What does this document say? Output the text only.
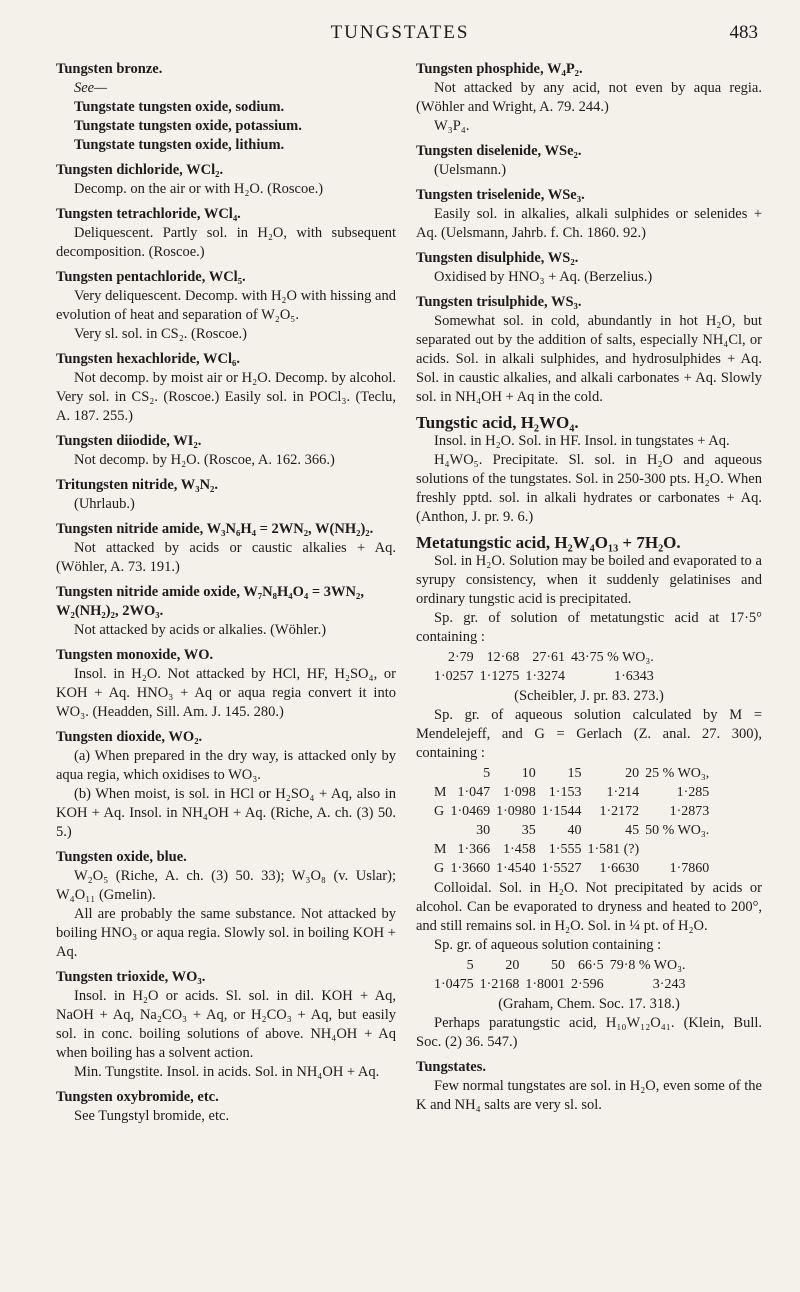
TUNGSTATES	483
Tungsten bronze.
See—
Tungstate tungsten oxide, sodium.
Tungstate tungsten oxide, potassium.
Tungstate tungsten oxide, lithium.
Tungsten dichloride, WCl₂.
Decomp. on the air or with H₂O. (Roscoe.)
Tungsten tetrachloride, WCl₄.
Deliquescent. Partly sol. in H₂O, with subsequent decomposition. (Roscoe.)
Tungsten pentachloride, WCl₅.
Very deliquescent. Decomp. with H₂O with hissing and evolution of heat and separation of W₂O₅.
Very sl. sol. in CS₂. (Roscoe.)
Tungsten hexachloride, WCl₆.
Not decomp. by moist air or H₂O. Decomp. by alcohol. Very sol. in CS₂. (Roscoe.) Easily sol. in POCl₃. (Teclu, A. 187. 255.)
Tungsten diiodide, WI₂.
Not decomp. by H₂O. (Roscoe, A. 162. 366.)
Tritungsten nitride, W₃N₂.
(Uhrlaub.)
Tungsten nitride amide, W₃N₆H₄ = 2WN₂, W(NH₂)₂.
Not attacked by acids or caustic alkalies + Aq. (Wöhler, A. 73. 191.)
Tungsten nitride amide oxide, W₇N₈H₄O₄ = 3WN₂, W₂(NH₂)₂, 2WO₃.
Not attacked by acids or alkalies. (Wöhler.)
Tungsten monoxide, WO.
Insol. in H₂O. Not attacked by HCl, HF, H₂SO₄, or KOH + Aq. HNO₃ + Aq or aqua regia convert it into WO₃. (Headden, Sill. Am. J. 145. 280.)
Tungsten dioxide, WO₂.
(a) When prepared in the dry way, is attacked only by aqua regia, which oxidises to WO₃.
(b) When moist, is sol. in HCl or H₂SO₄ + Aq, also in KOH + Aq. Insol. in NH₄OH + Aq. (Riche, A. ch. (3) 50. 5.)
Tungsten oxide, blue.
W₂O₅ (Riche, A. ch. (3) 50. 33); W₃O₈ (v. Uslar); W₄O₁₁ (Gmelin).
All are probably the same substance. Not attacked by boiling HNO₃ or aqua regia. Slowly sol. in boiling KOH + Aq.
Tungsten trioxide, WO₃.
Insol. in H₂O or acids. Sl. sol. in dil. KOH + Aq, NaOH + Aq, Na₂CO₃ + Aq, or H₂CO₃ + Aq, but easily sol. in conc. boiling solutions of above. NH₄OH + Aq when boiling has a solvent action.
Min. Tungstite. Insol. in acids. Sol. in NH₄OH + Aq.
Tungsten oxybromide, etc.
See Tungstyl bromide, etc.
Tungsten phosphide, W₄P₂.
Not attacked by any acid, not even by aqua regia. (Wöhler and Wright, A. 79. 244.)
W₃P₄.
Tungsten diselenide, WSe₂.
(Uelsmann.)
Tungsten triselenide, WSe₃.
Easily sol. in alkalies, alkali sulphides or selenides + Aq. (Uelsmann, Jahrb. f. Ch. 1860. 92.)
Tungsten disulphide, WS₂.
Oxidised by HNO₃ + Aq. (Berzelius.)
Tungsten trisulphide, WS₃.
Somewhat sol. in cold, abundantly in hot H₂O, but separated out by the addition of salts, especially NH₄Cl, or acids. Sol. in alkali sulphides, and hydrosulphides + Aq. Sol. in caustic alkalies, and alkali carbonates + Aq. Slowly sol. in NH₄OH + Aq in the cold.
Tungstic acid, H₂WO₄.
Insol. in H₂O. Sol. in HF. Insol. in tungstates + Aq.
H₄WO₅. Precipitate. Sl. sol. in H₂O and aqueous solutions of the tungstates. Sol. in 250-300 pts. H₂O. When freshly pptd. sol. in alkali hydrates or carbonates + Aq. (Anthon, J. pr. 9. 6.)
Metatungstic acid, H₂W₄O₁₃ + 7H₂O.
Sol. in H₂O. Solution may be boiled and evaporated to a syrupy consistency, when it suddenly gelatinises and ordinary tungstic acid is precipitated.
Sp. gr. of solution of metatungstic acid at 17·5° containing :
2·79	12·68	27·61	43·75 % WO₃.
1·0257	1·1275	1·3274	1·6343
(Scheibler, J. pr. 83. 273.)
Sp. gr. of aqueous solution calculated by M = Mendelejeff, and G = Gerlach (Z. anal. 27. 300), containing :
	5	10	15	20	25 % WO₃,
M	1·047	1·098	1·153	1·214	1·285
G	1·0469	1·0980	1·1544	1·2172	1·2873
	30	35	40	45	50 % WO₃.
M	1·366	1·458	1·555	1·581 (?)	
G	1·3660	1·4540	1·5527	1·6630	1·7860
Colloidal. Sol. in H₂O. Not precipitated by acids or alcohol. Can be evaporated to dryness and heated to 200°, and still remains sol. in H₂O. Sol. in ¼ pt. of H₂O.
Sp. gr. of aqueous solution containing :
5	20	50	66·5	79·8 % WO₃.
1·0475	1·2168	1·8001	2·596	3·243
(Graham, Chem. Soc. 17. 318.)
Perhaps paratungstic acid, H₁₀W₁₂O₄₁. (Klein, Bull. Soc. (2) 36. 547.)
Tungstates.
Few normal tungstates are sol. in H₂O, even some of the K and NH₄ salts are very sl. sol.
